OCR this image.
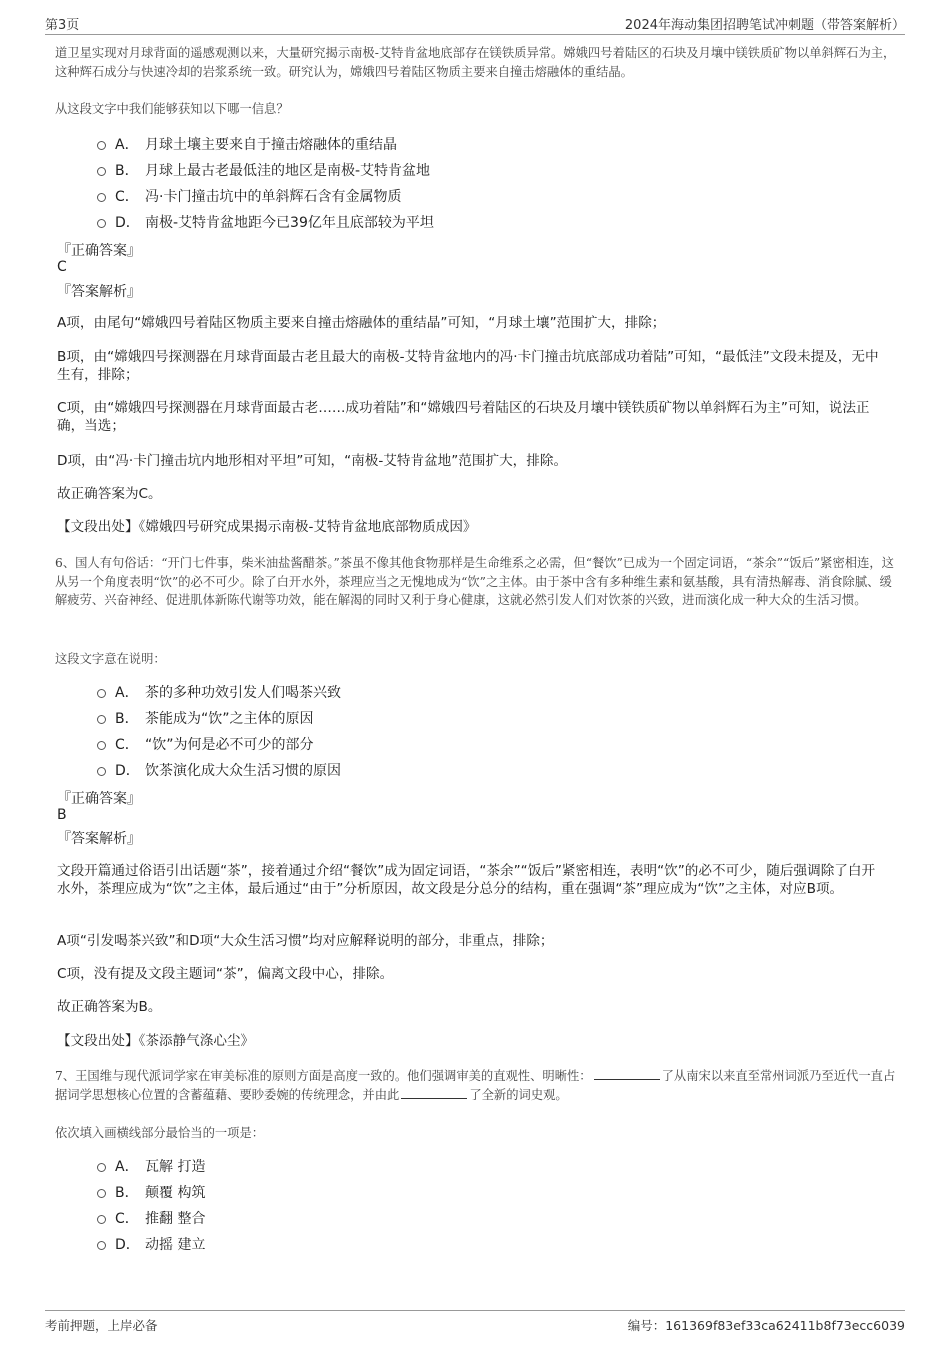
第3页	2024年海动集团招聘笔试冲刺题（带答案解析）
道卫星实现对月球背面的遥感观测以来，大量研究揭示南极-艾特肯盆地底部存在镁铁质异常。嫦娥四号着陆区的石块及月壤中镁铁质矿物以单斜辉石为主，这种辉石成分与快速冷却的岩浆系统一致。研究认为，嫦娥四号着陆区物质主要来自撞击熔融体的重结晶。
从这段文字中我们能够获知以下哪一信息？
A． 月球土壤主要来自于撞击熔融体的重结晶
B． 月球上最古老最低洼的地区是南极-艾特肯盆地
C． 冯·卡门撞击坑中的单斜辉石含有金属物质
D． 南极-艾特肯盆地距今已39亿年且底部较为平坦
『正确答案』
C
『答案解析』
A项，由尾句“嫦娥四号着陆区物质主要来自撞击熔融体的重结晶”可知，“月球土壤”范围扩大，排除；
B项，由“嫦娥四号探测器在月球背面最古老且最大的南极-艾特肯盆地内的冯·卡门撞击坑底部成功着陆”可知，“最低洼”文段未提及，无中生有，排除；
C项，由“嫦娥四号探测器在月球背面最古老……成功着陆”和“嫦娥四号着陆区的石块及月壤中镁铁质矿物以单斜辉石为主”可知，说法正确，当选；
D项，由“冯·卡门撞击坑内地形相对平坦”可知，“南极-艾特肯盆地”范围扩大，排除。
故正确答案为C。
【文段出处】《嫦娥四号研究成果揭示南极-艾特肯盆地底部物质成因》
6、国人有句俗话：“开门七件事，柴米油盐酱醋茶。”茶虽不像其他食物那样是生命维系之必需，但“餐饮”已成为一个固定词语，“茶余”“饭后”紧密相连，这从另一个角度表明“饮”的必不可少。除了白开水外，茶理应当之无愧地成为“饮”之主体。由于茶中含有多种维生素和氨基酸，具有清热解毒、消食除腻、缓解疲劳、兴奋神经、促进肌体新陈代谢等功效，能在解渴的同时又利于身心健康，这就必然引发人们对饮茶的兴致，进而演化成一种大众的生活习惯。
这段文字意在说明：
A． 茶的多种功效引发人们喝茶兴致
B． 茶能成为“饮”之主体的原因
C． “饮”为何是必不可少的部分
D． 饮茶演化成大众生活习惯的原因
『正确答案』
B
『答案解析』
文段开篇通过俗语引出话题“茶”，接着通过介绍“餐饮”成为固定词语，“茶余”“饭后”紧密相连，表明“饮”的必不可少，随后强调除了白开水外，茶理应成为“饮”之主体，最后通过“由于”分析原因，故文段是分总分的结构，重在强调“茶”理应成为“饮”之主体，对应B项。
A项“引发喝茶兴致”和D项“大众生活习惯”均对应解释说明的部分，非重点，排除；
C项，没有提及文段主题词“茶”，偏离文段中心，排除。
故正确答案为B。
【文段出处】《茶添静气涤心尘》
7、王国维与现代派词学家在审美标准的原则方面是高度一致的。他们强调审美的直观性、明晰性：	了从南宋以来直至常州词派乃至近代一直占据词学思想核心位置的含蓄蕴藉、要眇委婉的传统理念，并由此	了全新的词史观。
依次填入画横线部分最恰当的一项是：
A． 瓦解 打造
B． 颠覆 构筑
C． 推翻 整合
D． 动摇 建立
考前押题，上岸必备	编号：161369f83ef33ca62411b8f73ecc6039
